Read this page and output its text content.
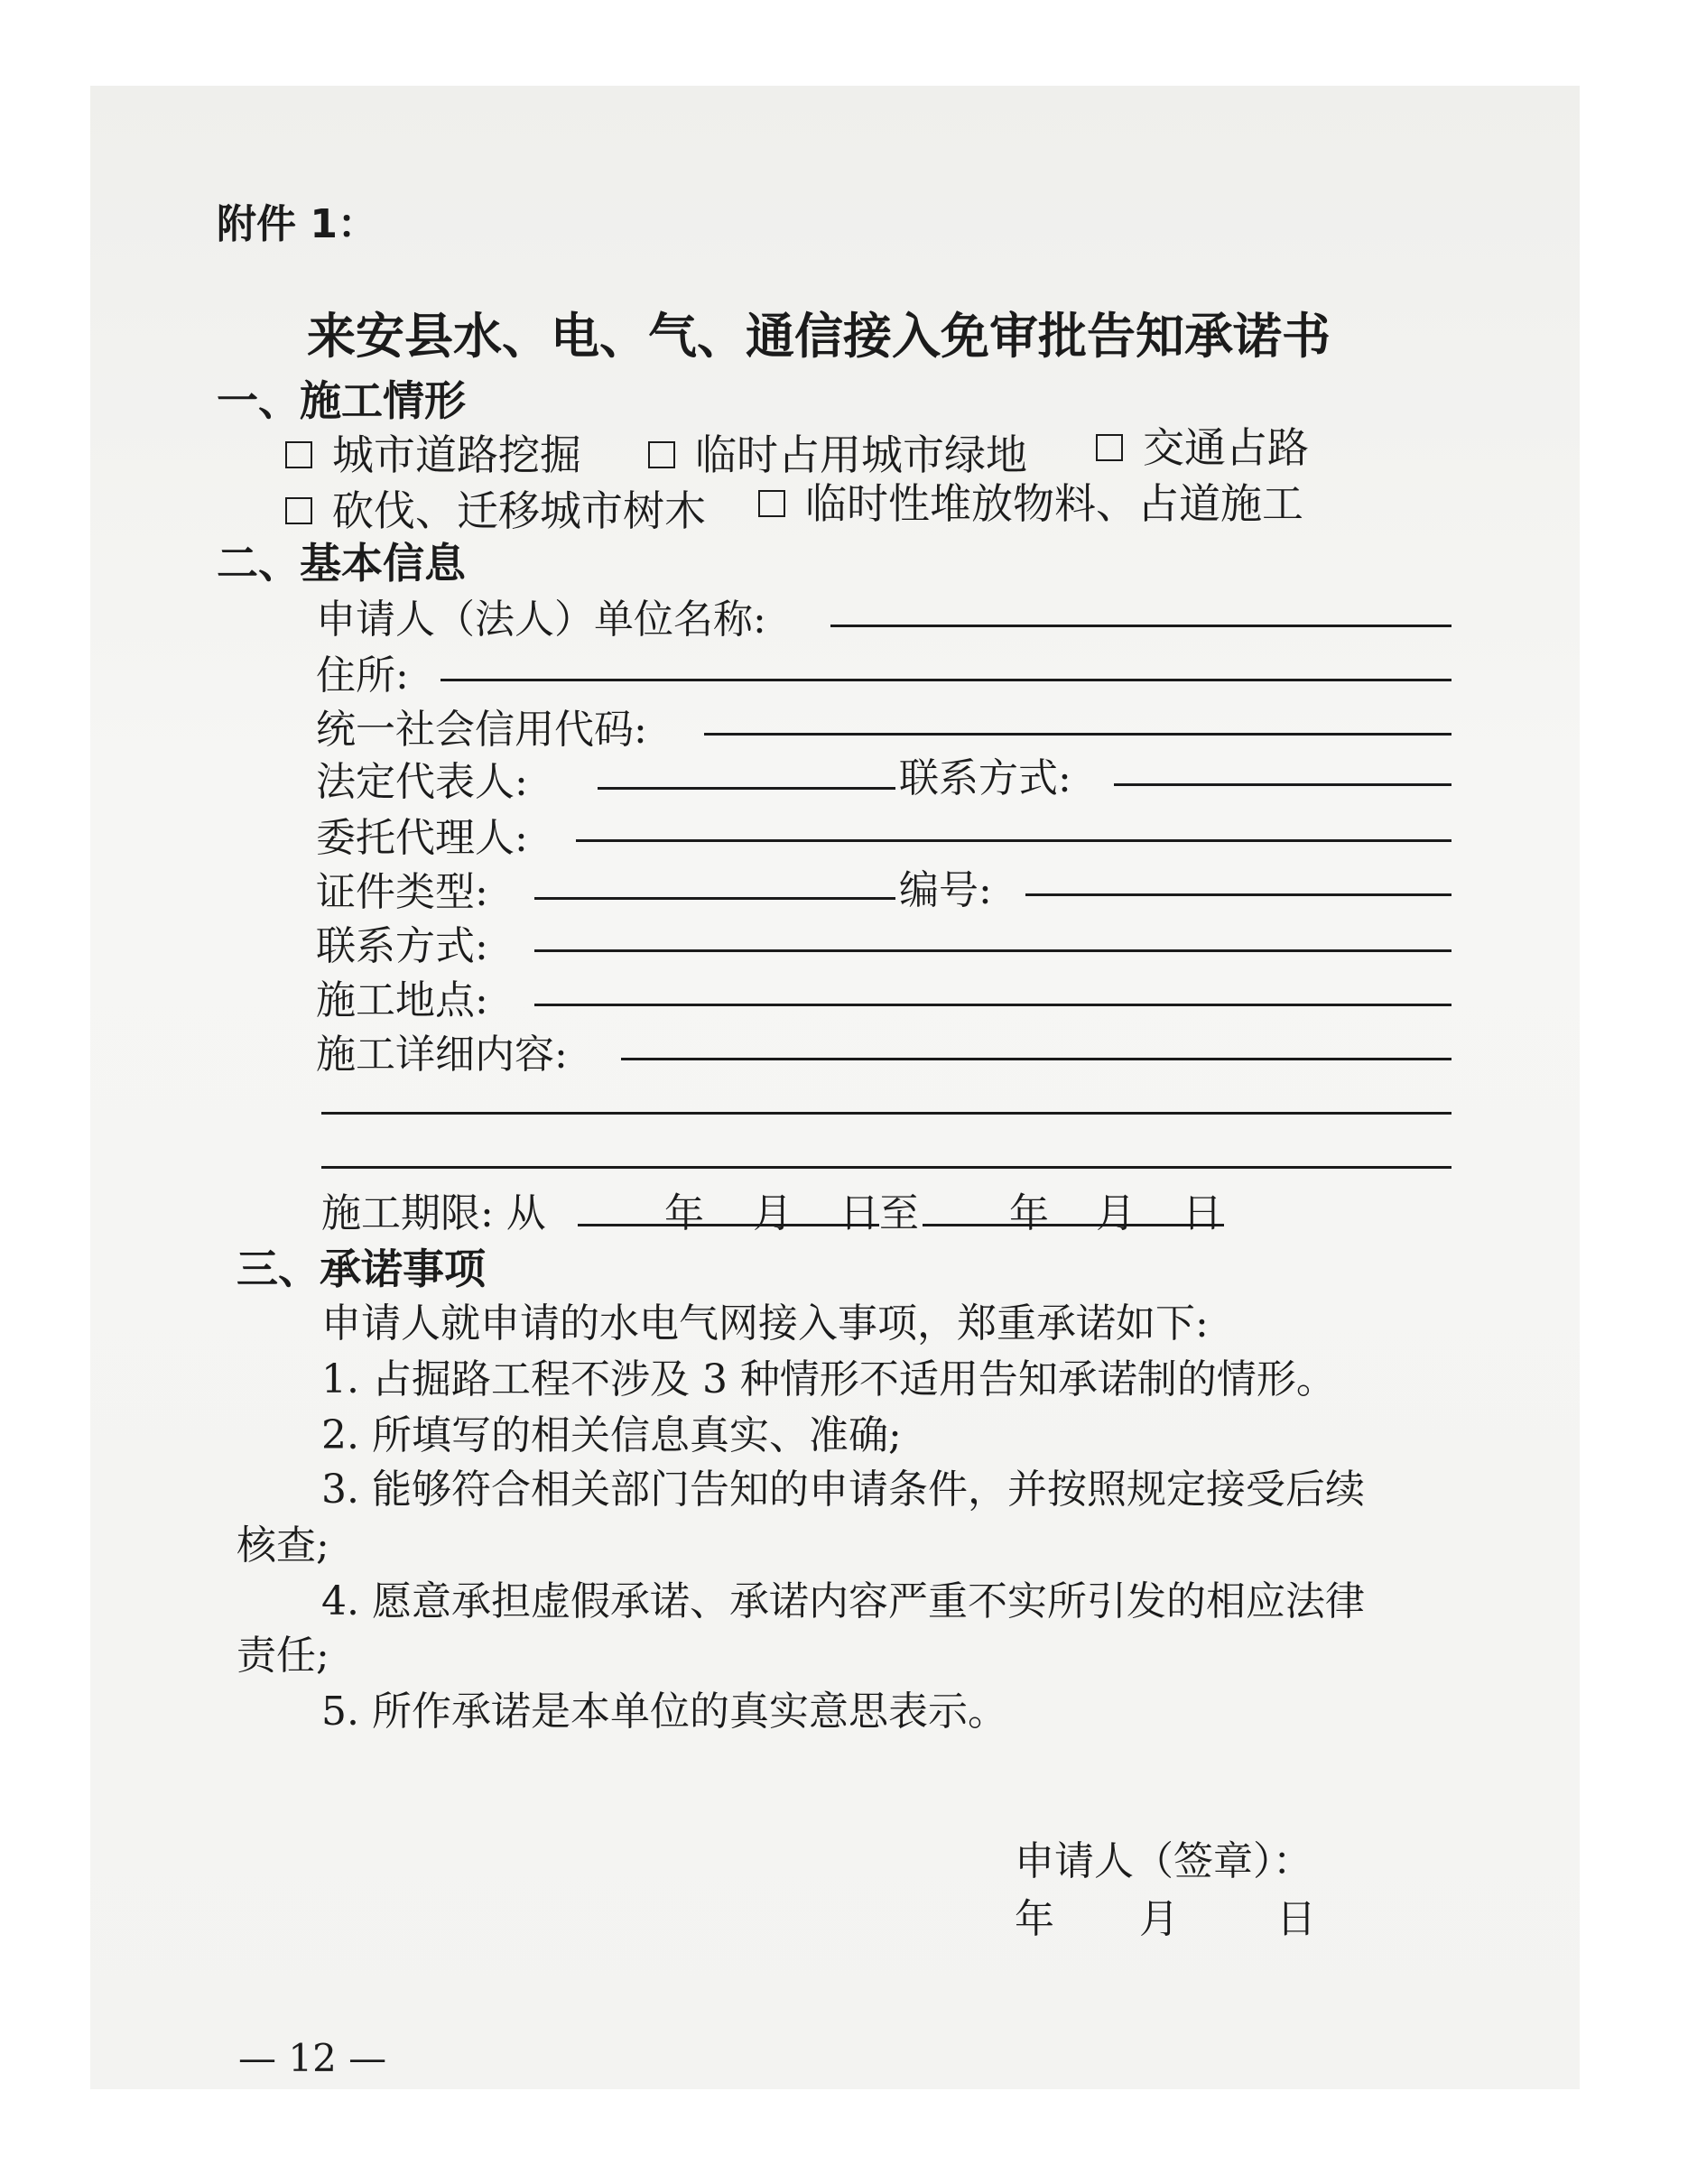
附件 1：
来安县水、电、气、通信接入免审批告知承诺书
一、施工情形
城市道路挖掘	临时占用城市绿地	交通占路
砍伐、迁移城市树木	临时性堆放物料、占道施工
二、基本信息
申请人（法人）单位名称:
住所:
统一社会信用代码:
法定代表人:	联系方式:
委托代理人:
证件类型:	编号:
联系方式:
施工地点:
施工详细内容:
施工期限: 从	年 月 日至 年 月 日
三、承诺事项
申请人就申请的水电气网接入事项，郑重承诺如下:
1. 占掘路工程不涉及 3 种情形不适用告知承诺制的情形。
2. 所填写的相关信息真实、准确;
3. 能够符合相关部门告知的申请条件，并按照规定接受后续
核查;
4. 愿意承担虚假承诺、承诺内容严重不实所引发的相应法律
责任;
5. 所作承诺是本单位的真实意思表示。
申请人（签章）：
年 月 日
— 12 —
